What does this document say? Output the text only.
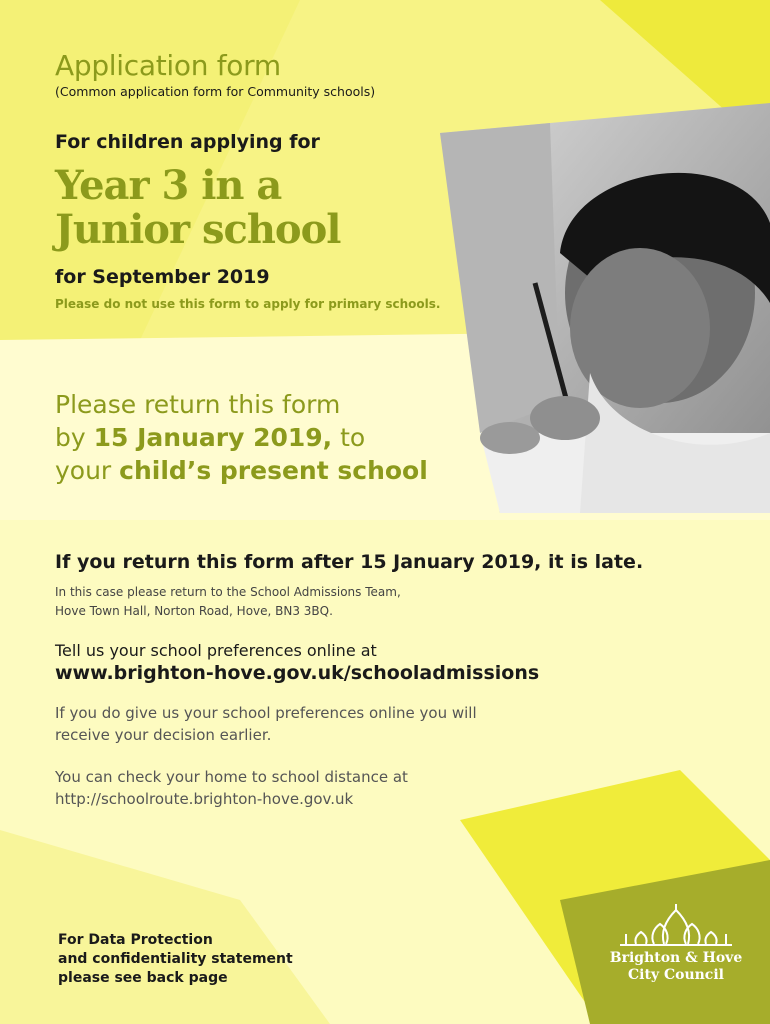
Application form

(Common application form for Community schools)

For children applying for

Year 3 in a
Junior school

for September 2019

Please do not use this form to apply for primary schools.

Please return this form
by 15 January 2019, to
your child’s present school

If you return this form after 15 January 2019, it is late.

In this case please return to the School Admissions Team,
Hove Town Hall, Norton Road, Hove, BN3 3BQ.

Tell us your school preferences online at

www.brighton-hove.gov.uk/schooladmissions

If you do give us your school preferences online you will
receive your decision earlier.
You can check your home to school distance at
http://schoolroute.brighton-hove.gov.uk
For Data Protection
and confidentiality statement
please see back page
Brighton & Hove
City Council
